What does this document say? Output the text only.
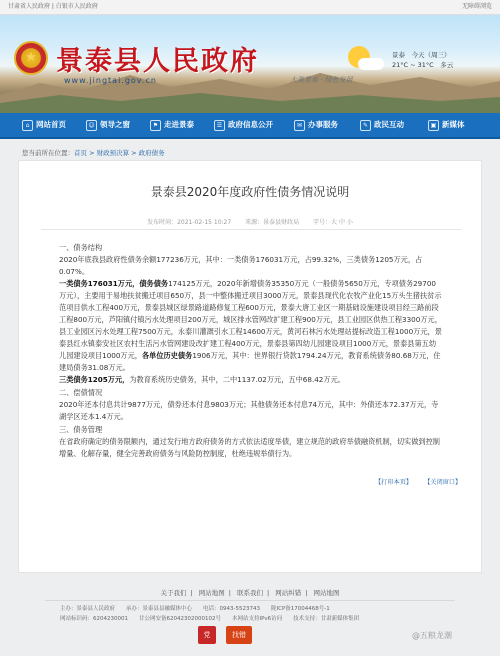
甘肃省人民政府 | 白银市人民政府	无障碍浏览
★ 景泰县人民政府
www.jingtai.gov.cn	大美景泰 · 绿色发展
景泰　 今天（周三）
21°C ~ 31°C　 多云
⌂ 网站首页	☺ 领导之窗	⚑ 走进景泰	☰ 政府信息公开	✉ 办事服务	✎ 政民互动	▣ 新媒体
您当前所在位置：首页 > 财政预决算 > 政府债务
景泰县2020年度政府性债务情况说明
发布时间：2021-02-15 10:27 来源：景泰县财政局 字号：大 中 小

一、债务结构

2020年底我县政府性债务余额177236万元，其中：一类债务176031万元，占99.32%，三类债务1205万元，占0.07%。

一类债务176031万元，债务债务174125万元，2020年新增债务35350万元（一般债务5650万元，专项债务29700万元），主要用于易地扶贫搬迁项目650万，县一中整体搬迁项目3000万元，景泰县现代化农牧产业化15万头生猪扶贫示范项目供水工程400万元，景泰县城区绿景路道路修复工程600万元，景泰大唐工业区一期基础设施建设项目经三路前段工程800万元，芦阳镇付镇污水处理项目200万元，城区排水管网改扩建工程900万元，县工业园区供热工程3300万元，县工业园区污水处理工程7500万元，永泰川灌溉引水工程14600万元，黄河石林污水处理站提标改造工程1000万元，景泰县红水镇泰安社区农村生活污水管网建设改扩建工程400万元，景泰县第四幼儿园建设项目1000万元，景泰县第五幼儿园建设项目1000万元，各单位历史债务1906万元，其中：世界银行贷款1794.24万元，教育系统债务80.68万元，住建局债务31.08万元。

三类债务1205万元，为教育系统历史债务，其中，二中1137.02万元，五中68.42万元。

二、偿债情况

2020年还本付息共计9877万元，债券还本付息9803万元；其他债务还本付息74万元，其中：外债还本72.37万元，寺湖学区还本1.4万元。

三、债务管理

在省政府确定的债务限额内，通过发行地方政府债务的方式依法适度举债，建立规范的政府举债融资机制，切实做到控制增量、化解存量，健全完善政府债务与风险防控制度，杜绝违规举债行为。

【打印本页】 【关闭窗口】
关于我们 | 网站地图 | 联系我们 | 网站纠错 | 网站地图
主办：景泰县人民政府　　承办：景泰县县融媒体中心　　电话：0943-5523743　　陇ICP备17004468号-1
网站标识码：6204230001　　甘公网安备62042302000102号　　本网站支持IPv6访问　　技术支持：甘肃新媒体集团
党	找错	@五粮龙潮
